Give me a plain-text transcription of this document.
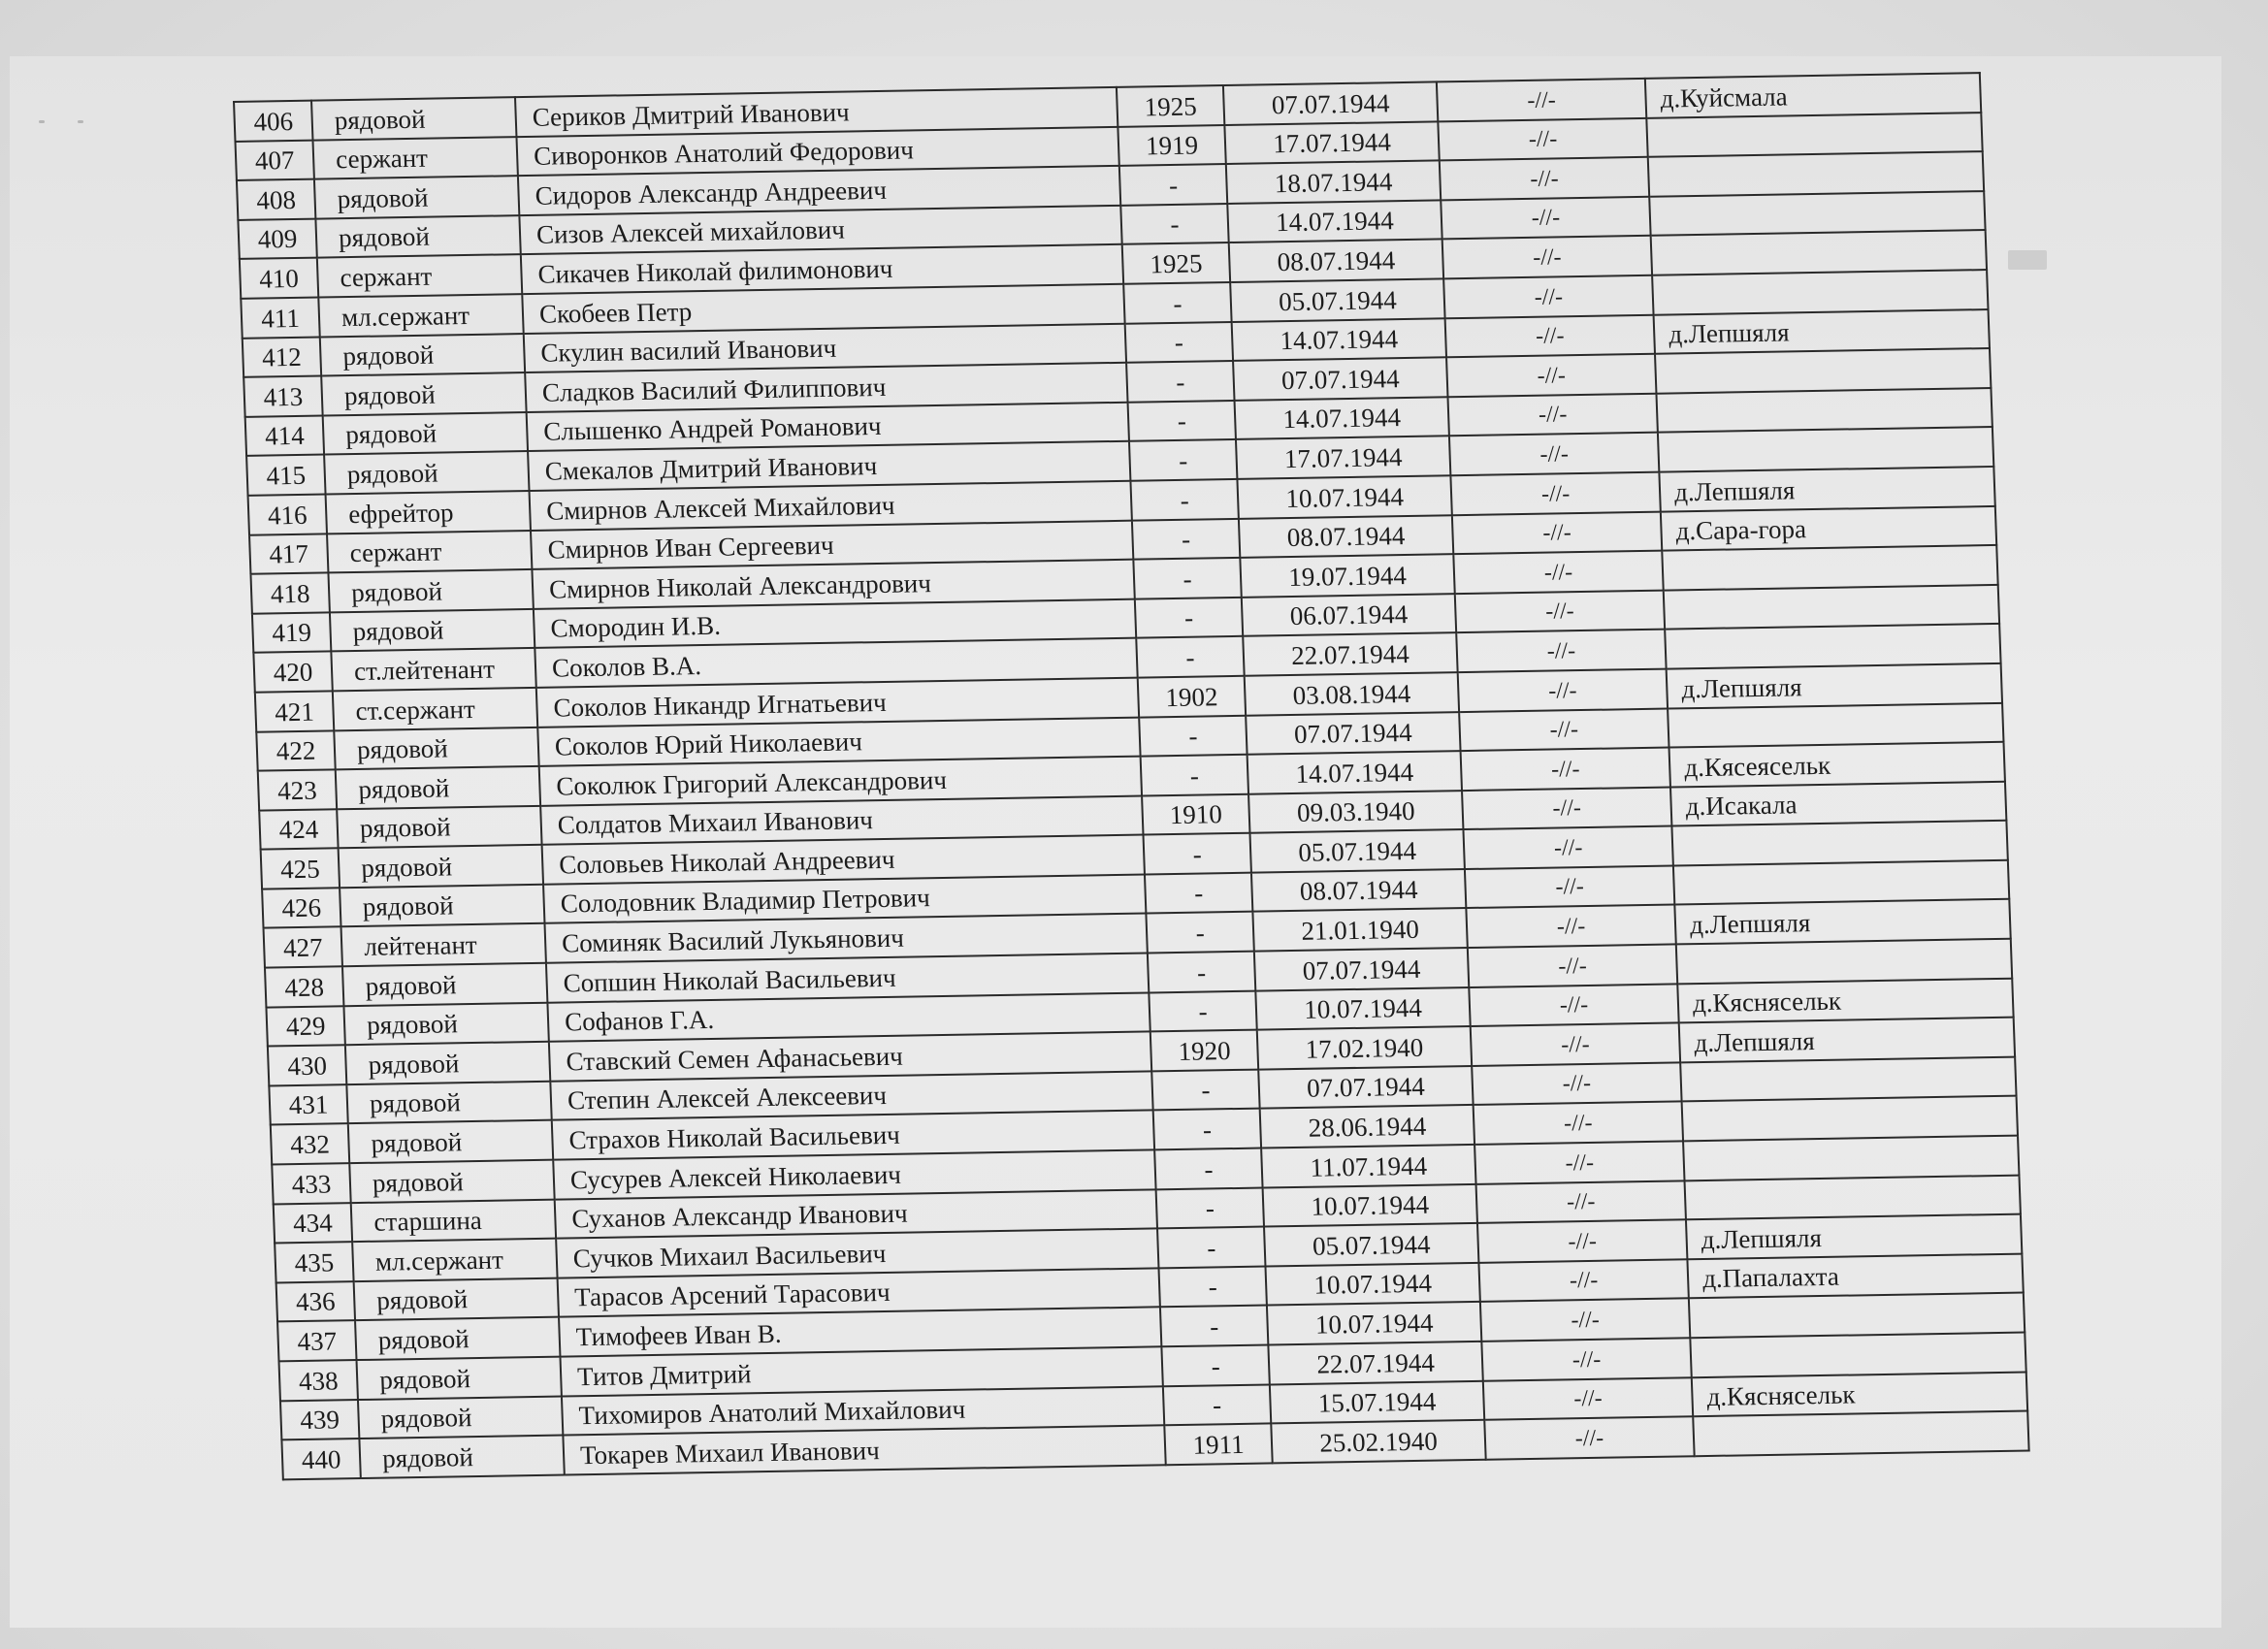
406	рядовой	Сериков Дмитрий Иванович	1925	07.07.1944	-//-	д.Куйсмала
407	сержант	Сиворонков Анатолий Федорович	1919	17.07.1944	-//-	
408	рядовой	Сидоров Александр Андреевич	-	18.07.1944	-//-	
409	рядовой	Сизов Алексей михайлович	-	14.07.1944	-//-	
410	сержант	Сикачев Николай филимонович	1925	08.07.1944	-//-	
411	мл.сержант	Скобеев Петр	-	05.07.1944	-//-	
412	рядовой	Скулин василий Иванович	-	14.07.1944	-//-	д.Лепшяля
413	рядовой	Сладков Василий Филиппович	-	07.07.1944	-//-	
414	рядовой	Слышенко Андрей Романович	-	14.07.1944	-//-	
415	рядовой	Смекалов Дмитрий Иванович	-	17.07.1944	-//-	
416	ефрейтор	Смирнов Алексей Михайлович	-	10.07.1944	-//-	д.Лепшяля
417	сержант	Смирнов Иван Сергеевич	-	08.07.1944	-//-	д.Сара-гора
418	рядовой	Смирнов Николай Александрович	-	19.07.1944	-//-	
419	рядовой	Смородин И.В.	-	06.07.1944	-//-	
420	ст.лейтенант	Соколов В.А.	-	22.07.1944	-//-	
421	ст.сержант	Соколов Никандр Игнатьевич	1902	03.08.1944	-//-	д.Лепшяля
422	рядовой	Соколов Юрий Николаевич	-	07.07.1944	-//-	
423	рядовой	Соколюк Григорий Александрович	-	14.07.1944	-//-	д.Кясеясельк
424	рядовой	Солдатов Михаил Иванович	1910	09.03.1940	-//-	д.Исакала
425	рядовой	Соловьев Николай Андреевич	-	05.07.1944	-//-	
426	рядовой	Солодовник Владимир Петрович	-	08.07.1944	-//-	
427	лейтенант	Соминяк Василий Лукьянович	-	21.01.1940	-//-	д.Лепшяля
428	рядовой	Сопшин Николай Васильевич	-	07.07.1944	-//-	
429	рядовой	Софанов Г.А.	-	10.07.1944	-//-	д.Кяснясельк
430	рядовой	Ставский Семен Афанасьевич	1920	17.02.1940	-//-	д.Лепшяля
431	рядовой	Степин Алексей Алексеевич	-	07.07.1944	-//-	
432	рядовой	Страхов Николай Васильевич	-	28.06.1944	-//-	
433	рядовой	Сусурев Алексей Николаевич	-	11.07.1944	-//-	
434	старшина	Суханов Александр Иванович	-	10.07.1944	-//-	
435	мл.сержант	Сучков Михаил Васильевич	-	05.07.1944	-//-	д.Лепшяля
436	рядовой	Тарасов Арсений Тарасович	-	10.07.1944	-//-	д.Папалахта
437	рядовой	Тимофеев Иван В.	-	10.07.1944	-//-	
438	рядовой	Титов Дмитрий	-	22.07.1944	-//-	
439	рядовой	Тихомиров Анатолий Михайлович	-	15.07.1944	-//-	д.Кяснясельк
440	рядовой	Токарев Михаил Иванович	1911	25.02.1940	-//-	
